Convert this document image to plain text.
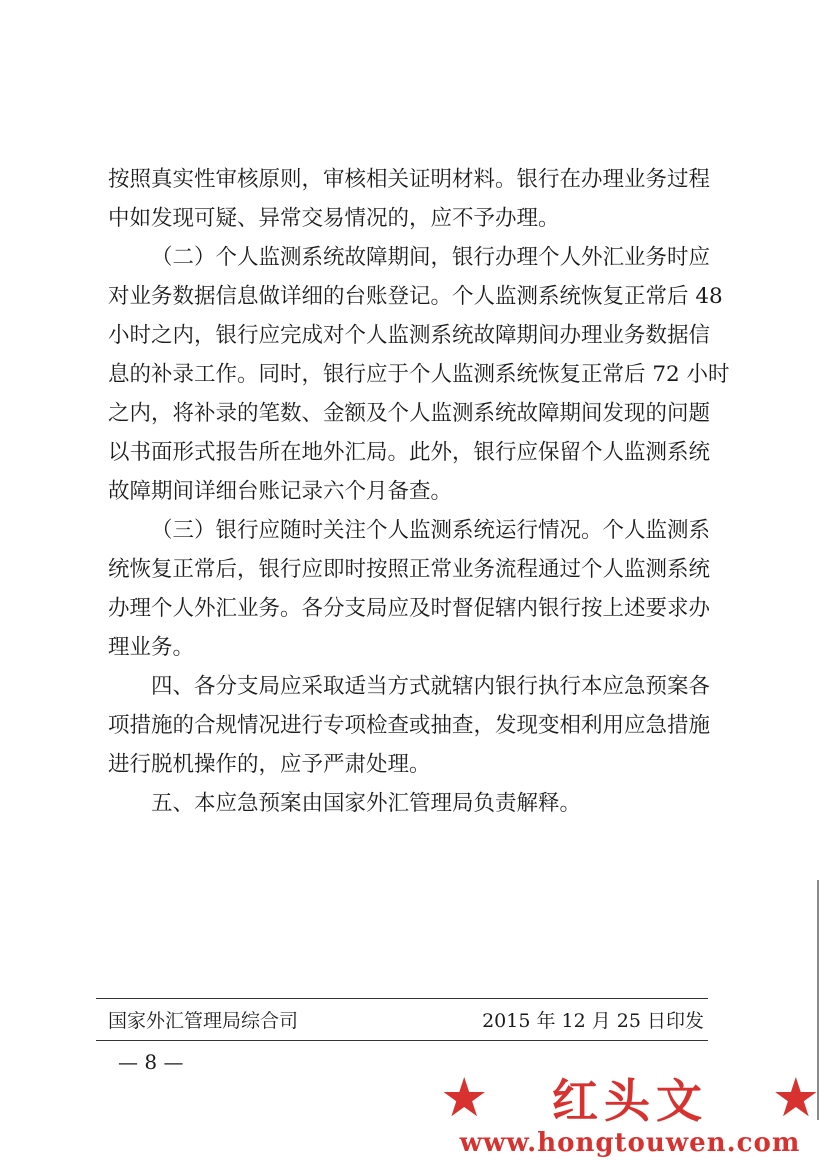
按照真实性审核原则，审核相关证明材料。银行在办理业务过程
中如发现可疑、异常交易情况的，应不予办理。
（二）个人监测系统故障期间，银行办理个人外汇业务时应
对业务数据信息做详细的台账登记。个人监测系统恢复正常后 48
小时之内，银行应完成对个人监测系统故障期间办理业务数据信
息的补录工作。同时，银行应于个人监测系统恢复正常后 72 小时
之内，将补录的笔数、金额及个人监测系统故障期间发现的问题
以书面形式报告所在地外汇局。此外，银行应保留个人监测系统
故障期间详细台账记录六个月备查。
（三）银行应随时关注个人监测系统运行情况。个人监测系
统恢复正常后，银行应即时按照正常业务流程通过个人监测系统
办理个人外汇业务。各分支局应及时督促辖内银行按上述要求办
理业务。
四、各分支局应采取适当方式就辖内银行执行本应急预案各
项措施的合规情况进行专项检查或抽查，发现变相利用应急措施
进行脱机操作的，应予严肃处理。
五、本应急预案由国家外汇管理局负责解释。
国家外汇管理局综合司	2015 年 12 月 25 日印发
— 8 —
★ 红头文 ★
www.hongtouwen.com
